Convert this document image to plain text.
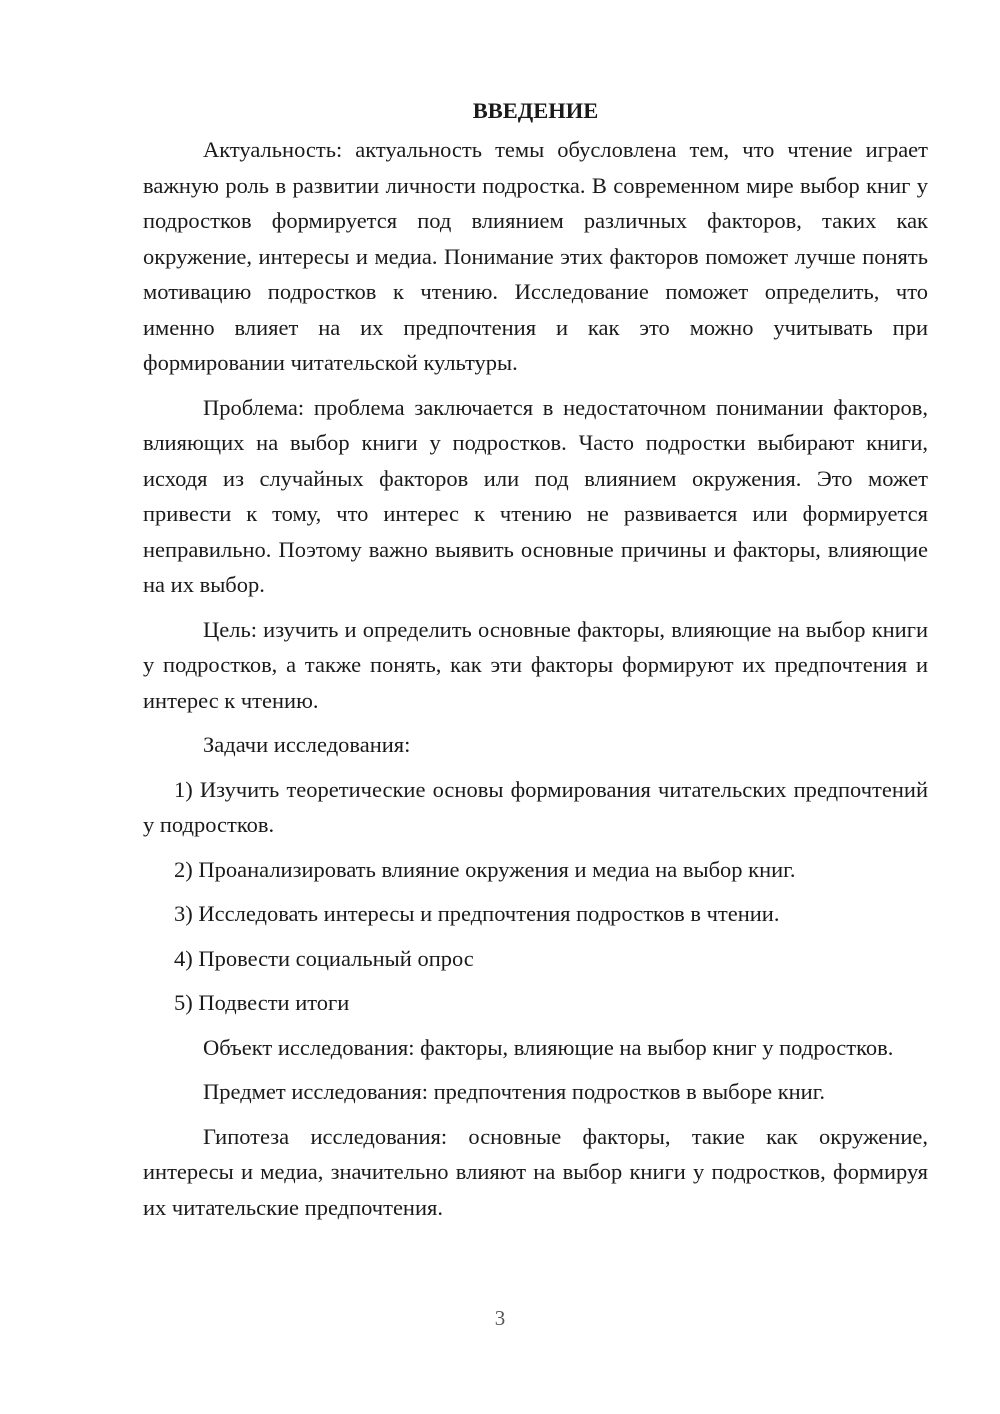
ВВЕДЕНИЕ

Актуальность: актуальность темы обусловлена тем, что чтение играет важную роль в развитии личности подростка. В современном мире выбор книг у подростков формируется под влиянием различных факторов, таких как окружение, интересы и медиа. Понимание этих факторов поможет лучше понять мотивацию подростков к чтению. Исследование поможет определить, что именно влияет на их предпочтения и как это можно учитывать при формировании читательской культуры.

Проблема: проблема заключается в недостаточном понимании факторов, влияющих на выбор книги у подростков. Часто подростки выбирают книги, исходя из случайных факторов или под влиянием окружения. Это может привести к тому, что интерес к чтению не развивается или формируется неправильно. Поэтому важно выявить основные причины и факторы, влияющие на их выбор.

Цель: изучить и определить основные факторы, влияющие на выбор книги у подростков, а также понять, как эти факторы формируют их предпочтения и интерес к чтению.

Задачи исследования:

1) Изучить теоретические основы формирования читательских предпочтений у подростков.

2) Проанализировать влияние окружения и медиа на выбор книг.

3) Исследовать интересы и предпочтения подростков в чтении.

4) Провести социальный опрос

5) Подвести итоги

Объект исследования: факторы, влияющие на выбор книг у подростков.

Предмет исследования: предпочтения подростков в выборе книг.

Гипотеза исследования: основные факторы, такие как окружение, интересы и медиа, значительно влияют на выбор книги у подростков, формируя их читательские предпочтения.

3
